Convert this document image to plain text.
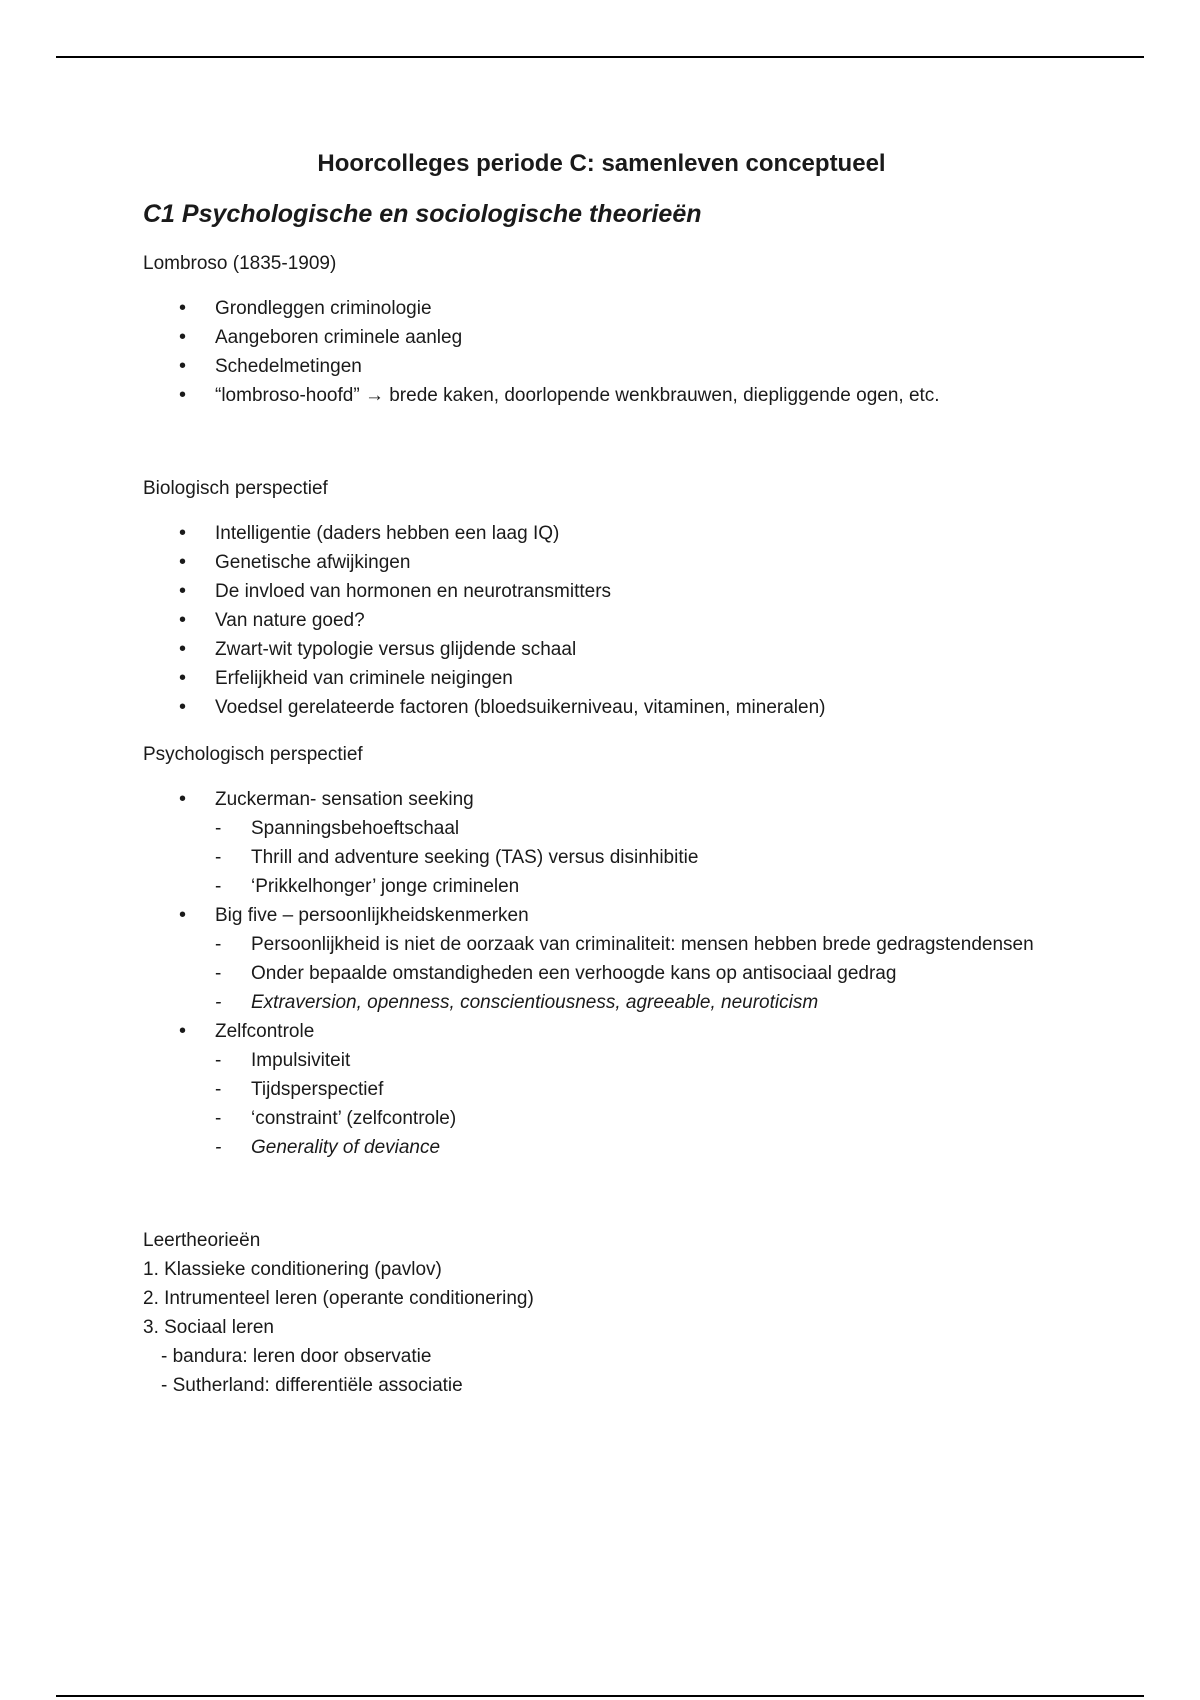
Hoorcolleges periode C: samenleven conceptueel
C1 Psychologische en sociologische theorieën

Lombroso (1835-1909)

• Grondleggen criminologie
• Aangeboren criminele aanleg
• Schedelmetingen
• “lombroso-hoofd” → brede kaken, doorlopende wenkbrauwen, diepliggende ogen, etc.

Biologisch perspectief

• Intelligentie (daders hebben een laag IQ)
• Genetische afwijkingen
• De invloed van hormonen en neurotransmitters
• Van nature goed?
• Zwart-wit typologie versus glijdende schaal
• Erfelijkheid van criminele neigingen
• Voedsel gerelateerde factoren (bloedsuikerniveau, vitaminen, mineralen)

Psychologisch perspectief

• Zuckerman- sensation seeking
- Spanningsbehoeftschaal
- Thrill and adventure seeking (TAS) versus disinhibitie
- ‘Prikkelhonger’ jonge criminelen
• Big five – persoonlijkheidskenmerken
- Persoonlijkheid is niet de oorzaak van criminaliteit: mensen hebben brede gedragstendensen
- Onder bepaalde omstandigheden een verhoogde kans op antisociaal gedrag
- Extraversion, openness, conscientiousness, agreeable, neuroticism
• Zelfcontrole
- Impulsiviteit
- Tijdsperspectief
- ‘constraint’ (zelfcontrole)
- Generality of deviance

Leertheorieën

1. Klassieke conditionering (pavlov)

2. Intrumenteel leren (operante conditionering)

3. Sociaal leren

- bandura: leren door observatie

- Sutherland: differentiële associatie
